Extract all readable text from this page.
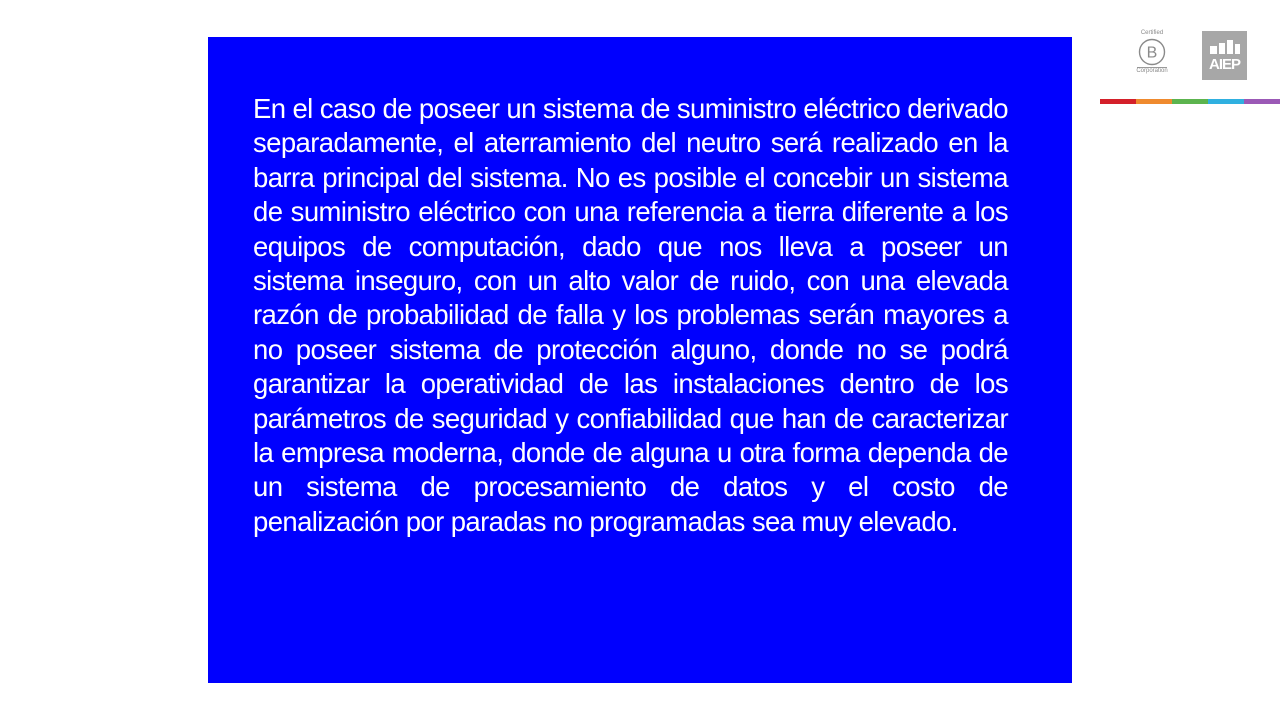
En el caso de poseer un sistema de suministro eléctrico derivado separadamente, el aterramiento del neutro será realizado en la barra principal del sistema. No es posible el concebir un sistema de suministro eléctrico con una referencia a tierra diferente a los equipos de computación, dado que nos lleva a poseer un sistema inseguro, con un alto valor de ruido, con una elevada razón de probabilidad de falla y los problemas serán mayores a no poseer sistema de protección alguno, donde no se podrá garantizar la operatividad de las instalaciones dentro de los parámetros de seguridad y confiabilidad que han de caracterizar la empresa moderna, donde de alguna u otra forma dependa de un sistema de procesamiento de datos y el costo de penalización por paradas no programadas sea muy elevado.

Certified
B
Corporation	AIEP
